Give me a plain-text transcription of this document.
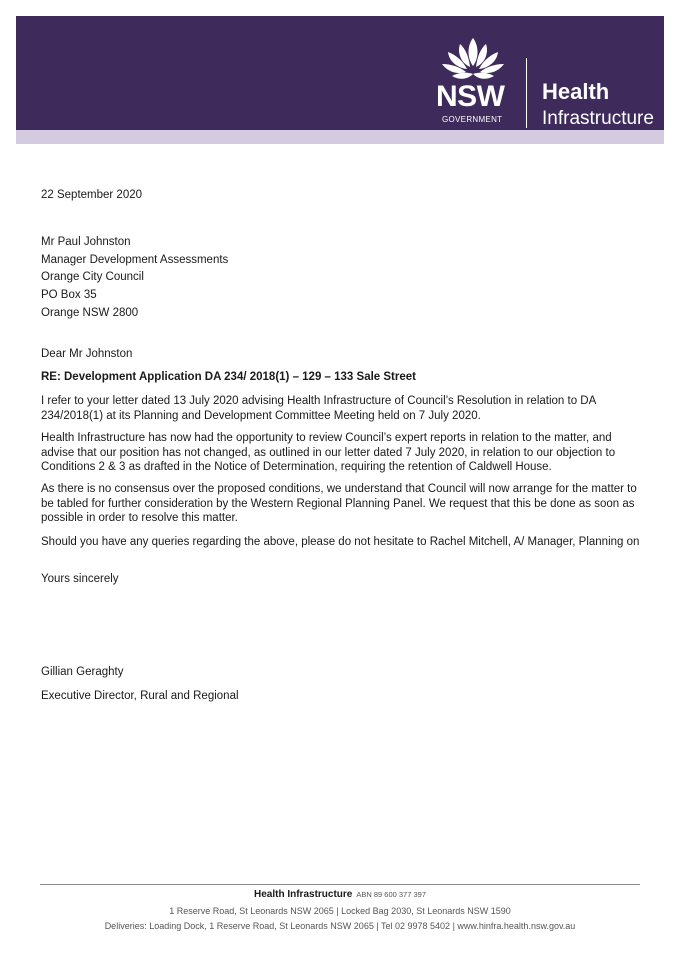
NSW
GOVERNMENT
Health
Infrastructure
22 September 2020
Mr Paul Johnston
Manager Development Assessments
Orange City Council
PO Box 35
Orange NSW 2800
Dear Mr Johnston
RE: Development Application DA 234/ 2018(1) – 129 – 133 Sale Street
I refer to your letter dated 13 July 2020 advising Health Infrastructure of Council’s Resolution in relation to DA 234/2018(1) at its Planning and Development Committee Meeting held on 7 July 2020.
Health Infrastructure has now had the opportunity to review Council’s expert reports in relation to the matter, and advise that our position has not changed, as outlined in our letter dated 7 July 2020, in relation to our objection to Conditions 2 & 3 as drafted in the Notice of Determination, requiring the retention of Caldwell House.
As there is no consensus over the proposed conditions, we understand that Council will now arrange for the matter to be tabled for further consideration by the Western Regional Planning Panel. We request that this be done as soon as possible in order to resolve this matter.
Should you have any queries regarding the above, please do not hesitate to Rachel Mitchell, A/ Manager, Planning on
Yours sincerely
Gillian Geraghty
Executive Director, Rural and Regional
Health Infrastructure ABN 89 600 377 397
1 Reserve Road, St Leonards NSW 2065 | Locked Bag 2030, St Leonards NSW 1590
Deliveries: Loading Dock, 1 Reserve Road, St Leonards NSW 2065 | Tel 02 9978 5402 | www.hinfra.health.nsw.gov.au
